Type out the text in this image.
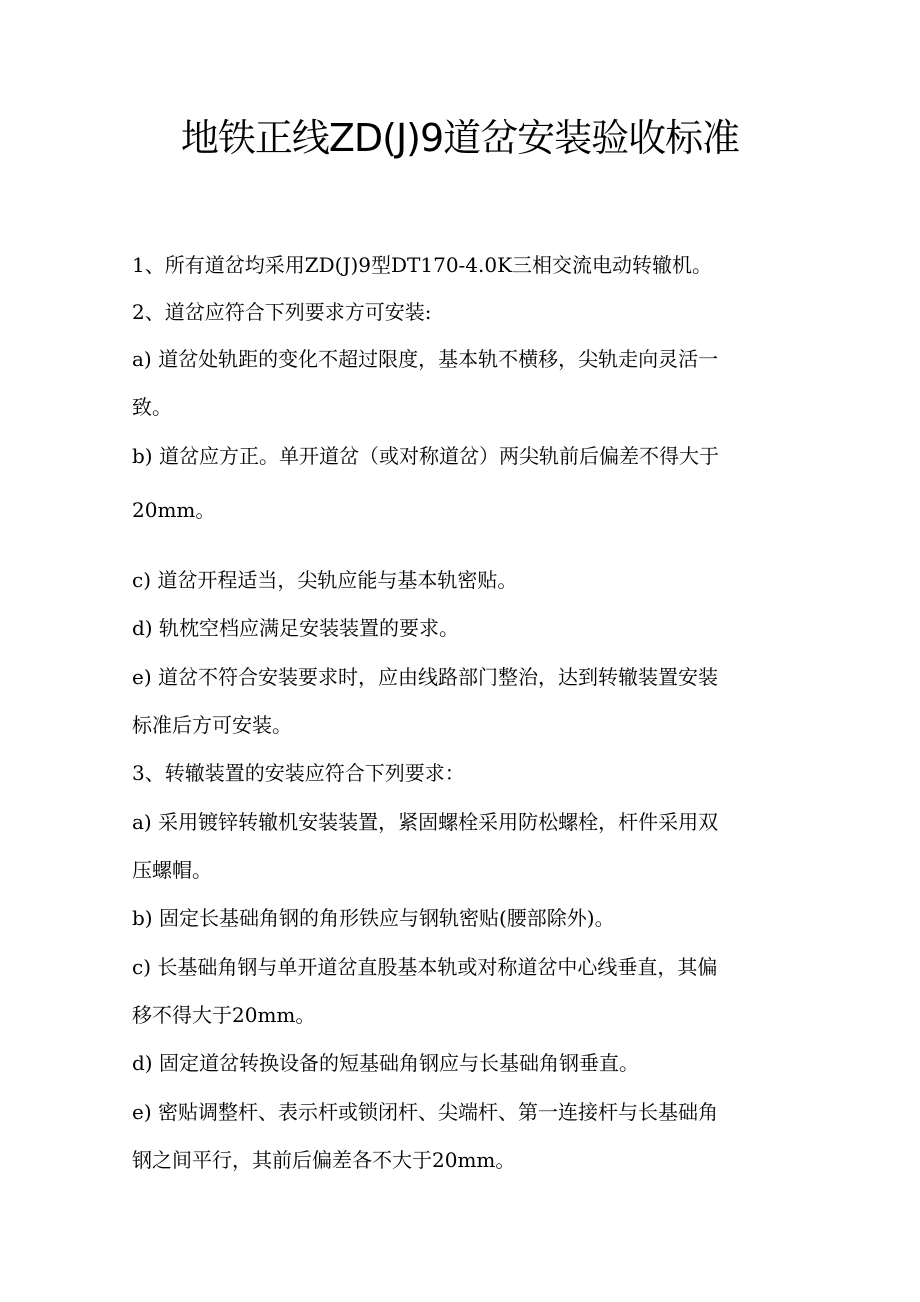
地铁正线ZD(J)9道岔安装验收标准
1、所有道岔均采用ZD(J)9型DT170-4.0K三相交流电动转辙机。
2、道岔应符合下列要求方可安装:
a) 道岔处轨距的变化不超过限度，基本轨不横移，尖轨走向灵活一
致。
b) 道岔应方正。单开道岔（或对称道岔）两尖轨前后偏差不得大于
20mm。
c) 道岔开程适当，尖轨应能与基本轨密贴。
d) 轨枕空档应满足安装装置的要求。
e) 道岔不符合安装要求时，应由线路部门整治，达到转辙装置安装
标准后方可安装。
3、转辙装置的安装应符合下列要求：
a) 采用镀锌转辙机安装装置，紧固螺栓采用防松螺栓，杆件采用双
压螺帽。
b) 固定长基础角钢的角形铁应与钢轨密贴(腰部除外)。
c) 长基础角钢与单开道岔直股基本轨或对称道岔中心线垂直，其偏
移不得大于20mm。
d) 固定道岔转换设备的短基础角钢应与长基础角钢垂直。
e) 密贴调整杆、表示杆或锁闭杆、尖端杆、第一连接杆与长基础角
钢之间平行，其前后偏差各不大于20mm。
